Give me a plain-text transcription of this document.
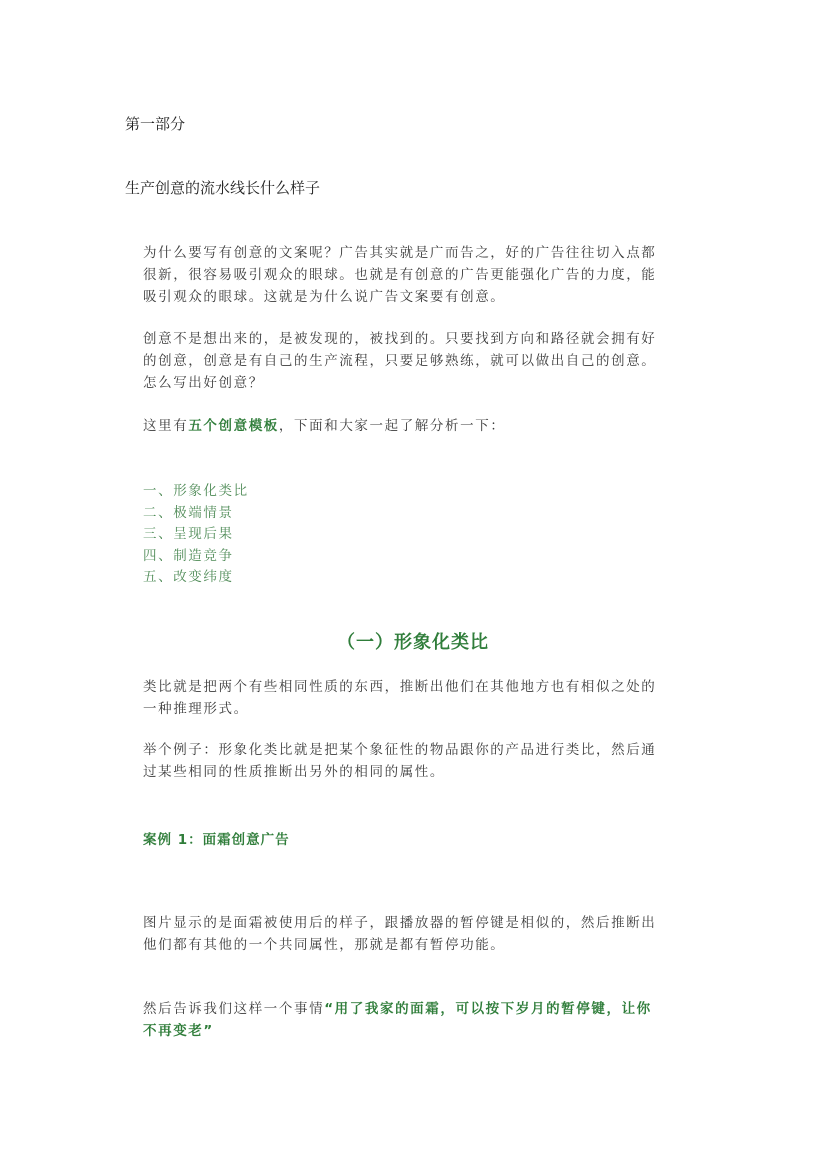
第一部分
生产创意的流水线长什么样子
为什么要写有创意的文案呢？广告其实就是广而告之，好的广告往往切入点都
很新，很容易吸引观众的眼球。也就是有创意的广告更能强化广告的力度，能
吸引观众的眼球。这就是为什么说广告文案要有创意。
创意不是想出来的，是被发现的，被找到的。只要找到方向和路径就会拥有好
的创意，创意是有自己的生产流程，只要足够熟练，就可以做出自己的创意。
怎么写出好创意？
这里有五个创意模板，下面和大家一起了解分析一下：
一、形象化类比
二、极端情景
三、呈现后果
四、制造竞争
五、改变纬度
（一）形象化类比
类比就是把两个有些相同性质的东西，推断出他们在其他地方也有相似之处的
一种推理形式。
举个例子：形象化类比就是把某个象征性的物品跟你的产品进行类比，然后通
过某些相同的性质推断出另外的相同的属性。
案例 1：面霜创意广告
图片显示的是面霜被使用后的样子，跟播放器的暂停键是相似的，然后推断出
他们都有其他的一个共同属性，那就是都有暂停功能。
然后告诉我们这样一个事情“用了我家的面霜，可以按下岁月的暂停键，让你
不再变老”
